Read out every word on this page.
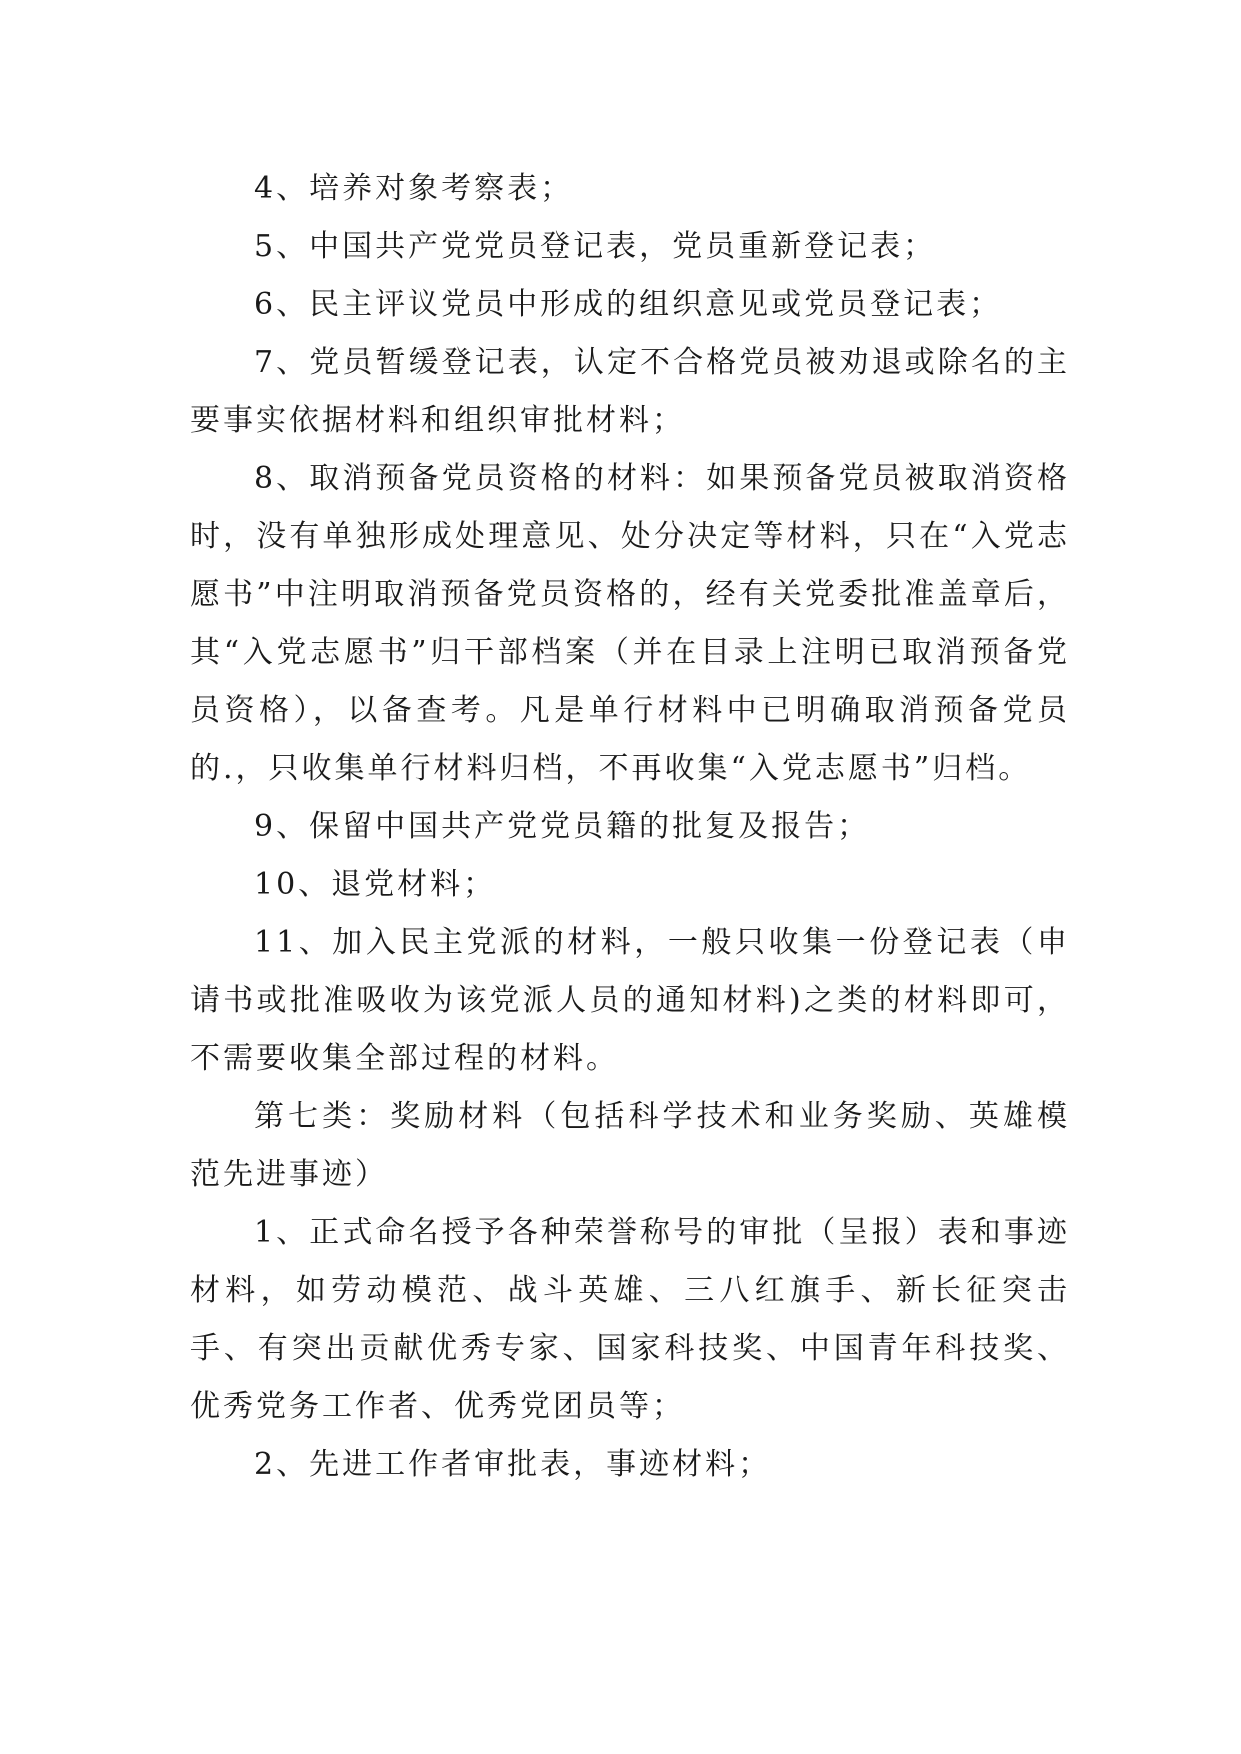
4、培养对象考察表；

5、中国共产党党员登记表，党员重新登记表；

6、民主评议党员中形成的组织意见或党员登记表；

7、党员暂缓登记表，认定不合格党员被劝退或除名的主要事实依据材料和组织审批材料；

8、取消预备党员资格的材料：如果预备党员被取消资格时，没有单独形成处理意见、处分决定等材料，只在“入党志愿书”中注明取消预备党员资格的，经有关党委批准盖章后，其“入党志愿书”归干部档案（并在目录上注明已取消预备党员资格），以备查考。凡是单行材料中已明确取消预备党员的.，只收集单行材料归档，不再收集“入党志愿书”归档。

9、保留中国共产党党员籍的批复及报告；

10、退党材料；

11、加入民主党派的材料，一般只收集一份登记表（申请书或批准吸收为该党派人员的通知材料)之类的材料即可，不需要收集全部过程的材料。

第七类：奖励材料（包括科学技术和业务奖励、英雄模范先进事迹）

1、正式命名授予各种荣誉称号的审批（呈报）表和事迹材料，如劳动模范、战斗英雄、三八红旗手、新长征突击手、有突出贡献优秀专家、国家科技奖、中国青年科技奖、优秀党务工作者、优秀党团员等；

2、先进工作者审批表，事迹材料；
